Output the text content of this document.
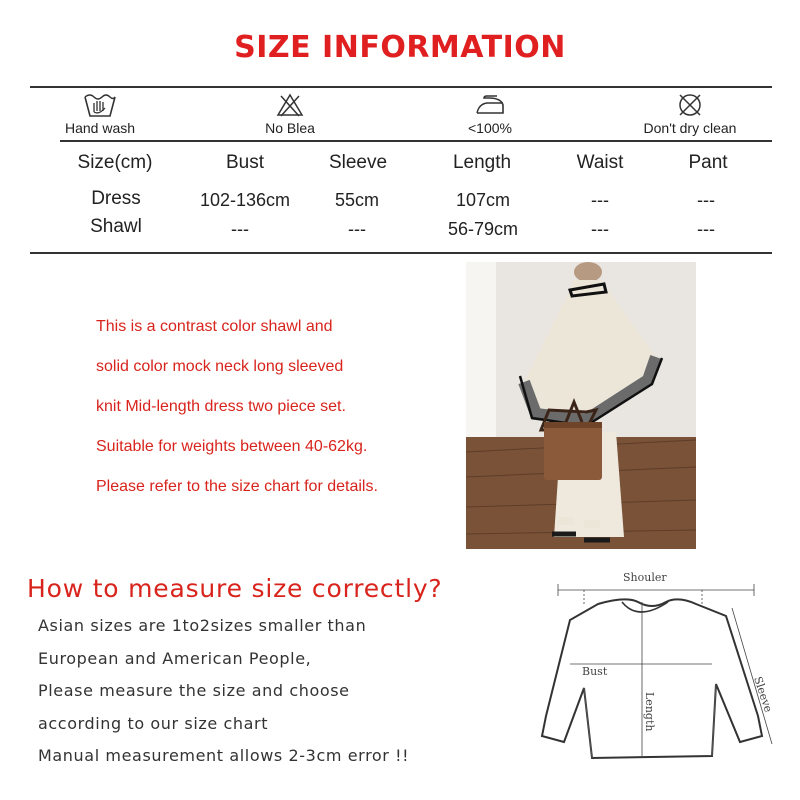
SIZE INFORMATION
Hand wash	No Blea	<100%	Don't dry clean
Size(cm)	Bust	Sleeve	Length	Waist	Pant
Dress	102-136cm	55cm	107cm	---	---
Shawl	---	---	56-79cm	---	---
This is a contrast color shawl and
solid color mock neck long sleeved
knit Mid-length dress two piece set.
Suitable for weights between 40-62kg.
Please refer to the size chart for details.
How to measure size correctly?
Asian sizes are 1to2sizes smaller than
European and American People,
Please measure the size and choose
according to our size chart
Manual measurement allows 2-3cm error !!
Shouler
Bust
Length	Sleeve
